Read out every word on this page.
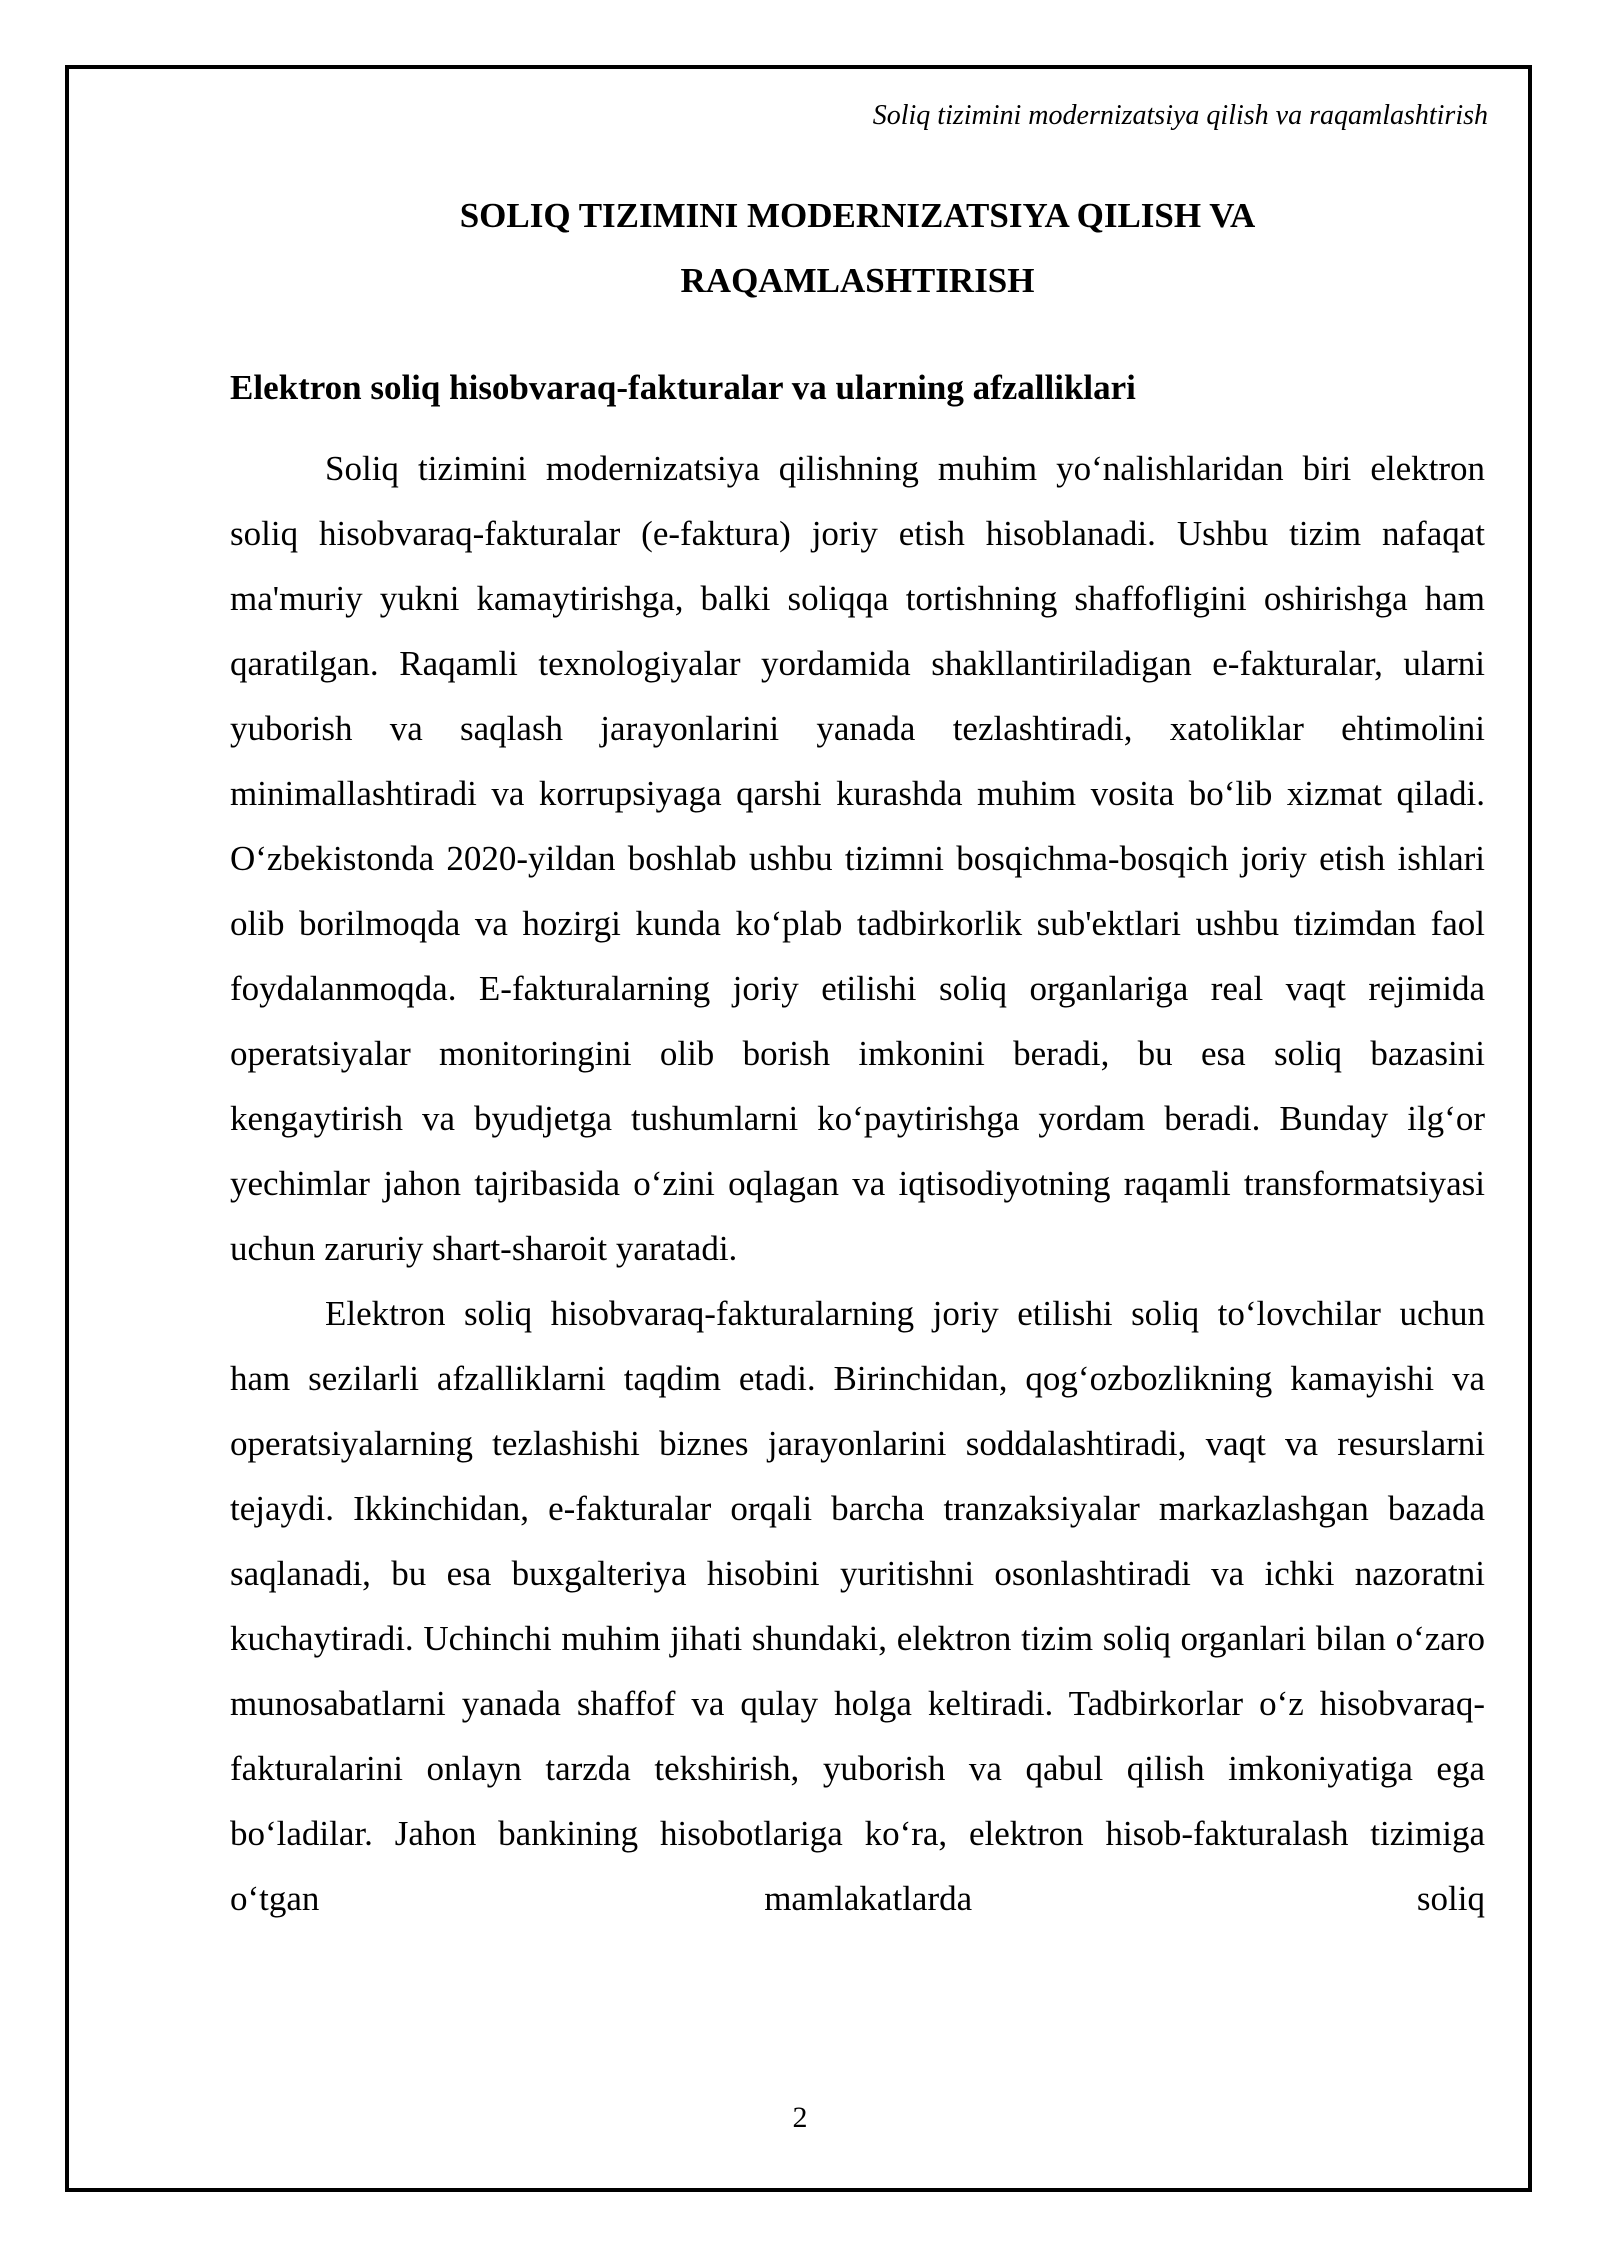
Soliq tizimini modernizatsiya qilish va raqamlashtirish
SOLIQ TIZIMINI MODERNIZATSIYA QILISH VA
RAQAMLASHTIRISH
Elektron soliq hisobvaraq-fakturalar va ularning afzalliklari

Soliq tizimini modernizatsiya qilishning muhim yo‘nalishlaridan biri elektron soliq hisobvaraq-fakturalar (e-faktura) joriy etish hisoblanadi. Ushbu tizim nafaqat ma'muriy yukni kamaytirishga, balki soliqqa tortishning shaffofligini oshirishga ham qaratilgan. Raqamli texnologiyalar yordamida shakllantiriladigan e-fakturalar, ularni yuborish va saqlash jarayonlarini yanada tezlashtiradi, xatoliklar ehtimolini minimallashtiradi va korrupsiyaga qarshi kurashda muhim vosita bo‘lib xizmat qiladi. O‘zbekistonda 2020-yildan boshlab ushbu tizimni bosqichma-bosqich joriy etish ishlari olib borilmoqda va hozirgi kunda ko‘plab tadbirkorlik sub'ektlari ushbu tizimdan faol foydalanmoqda. E-fakturalarning joriy etilishi soliq organlariga real vaqt rejimida operatsiyalar monitoringini olib borish imkonini beradi, bu esa soliq bazasini kengaytirish va byudjetga tushumlarni ko‘paytirishga yordam beradi. Bunday ilg‘or yechimlar jahon tajribasida o‘zini oqlagan va iqtisodiyotning raqamli transformatsiyasi uchun zaruriy shart-sharoit yaratadi.

Elektron soliq hisobvaraq-fakturalarning joriy etilishi soliq to‘lovchilar uchun ham sezilarli afzalliklarni taqdim etadi. Birinchidan, qog‘ozbozlikning kamayishi va operatsiyalarning tezlashishi biznes jarayonlarini soddalashtiradi, vaqt va resurslarni tejaydi. Ikkinchidan, e-fakturalar orqali barcha tranzaksiyalar markazlashgan bazada saqlanadi, bu esa buxgalteriya hisobini yuritishni osonlashtiradi va ichki nazoratni kuchaytiradi. Uchinchi muhim jihati shundaki, elektron tizim soliq organlari bilan o‘zaro munosabatlarni yanada shaffof va qulay holga keltiradi. Tadbirkorlar o‘z hisobvaraq-fakturalarini onlayn tarzda tekshirish, yuborish va qabul qilish imkoniyatiga ega bo‘ladilar. Jahon bankining hisobotlariga ko‘ra, elektron hisob-fakturalash tizimiga o‘tgan mamlakatlarda soliq

2
